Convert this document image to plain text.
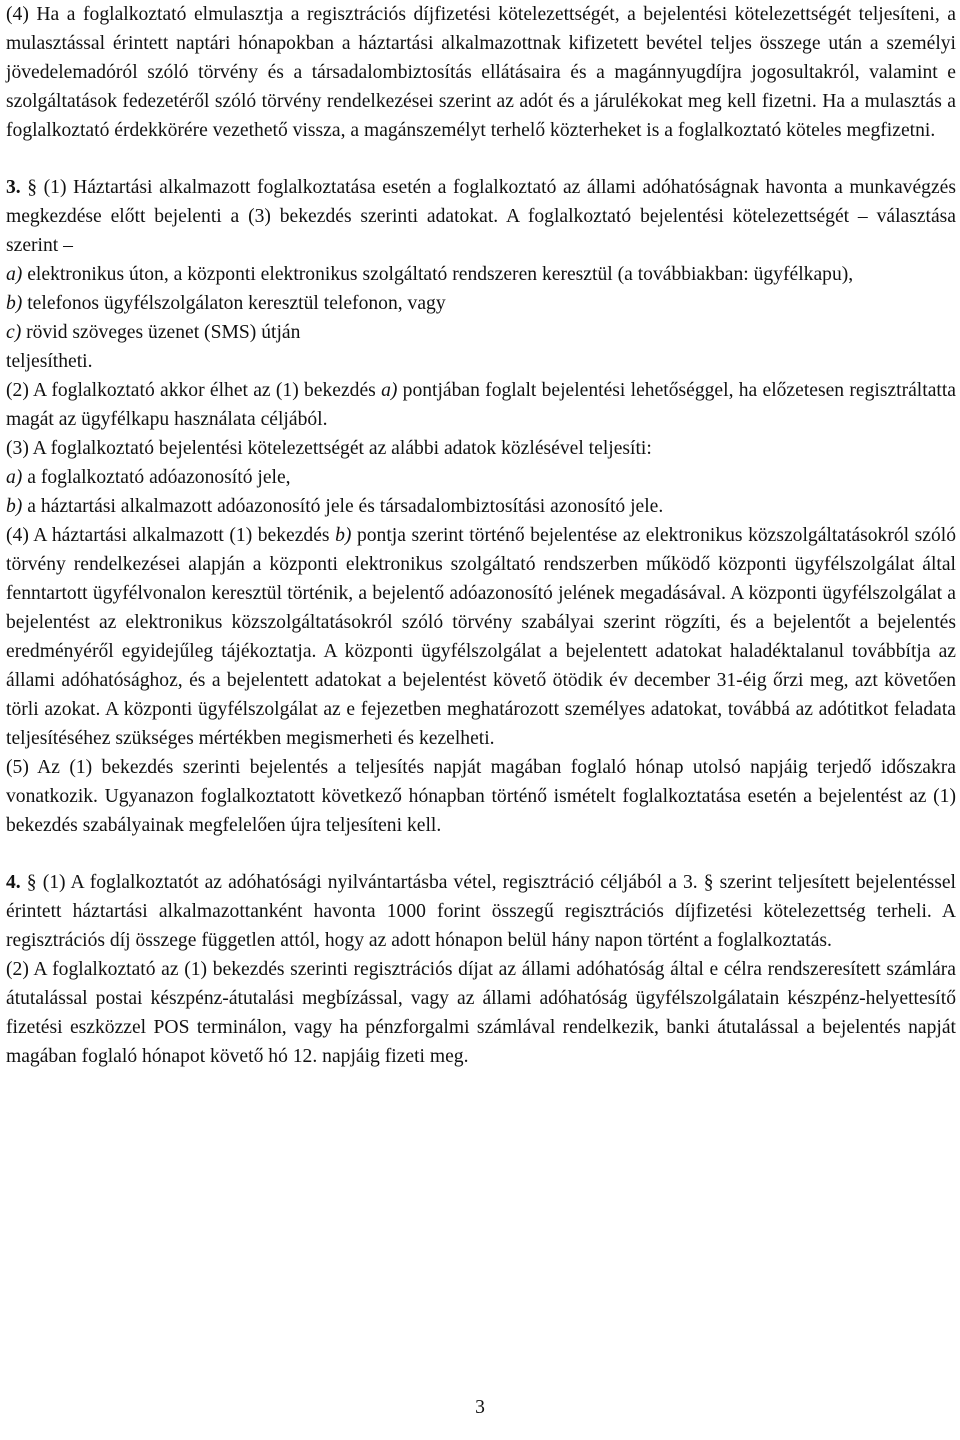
(4) Ha a foglalkoztató elmulasztja a regisztrációs díjfizetési kötelezettségét, a bejelentési kötelezettségét teljesíteni, a mulasztással érintett naptári hónapokban a háztartási alkalmazottnak kifizetett bevétel teljes összege után a személyi jövedelemadóról szóló törvény és a társadalombiztosítás ellátásaira és a magánnyugdíjra jogosultakról, valamint e szolgáltatások fedezetéről szóló törvény rendelkezései szerint az adót és a járulékokat meg kell fizetni. Ha a mulasztás a foglalkoztató érdekkörére vezethető vissza, a magánszemélyt terhelő közterheket is a foglalkoztató köteles megfizetni.

3. § (1) Háztartási alkalmazott foglalkoztatása esetén a foglalkoztató az állami adóhatóságnak havonta a munkavégzés megkezdése előtt bejelenti a (3) bekezdés szerinti adatokat. A foglalkoztató bejelentési kötelezettségét – választása szerint –

a) elektronikus úton, a központi elektronikus szolgáltató rendszeren keresztül (a továbbiakban: ügyfélkapu),

b) telefonos ügyfélszolgálaton keresztül telefonon, vagy

c) rövid szöveges üzenet (SMS) útján

teljesítheti.

(2) A foglalkoztató akkor élhet az (1) bekezdés a) pontjában foglalt bejelentési lehetőséggel, ha előzetesen regisztráltatta magát az ügyfélkapu használata céljából.

(3) A foglalkoztató bejelentési kötelezettségét az alábbi adatok közlésével teljesíti:

a) a foglalkoztató adóazonosító jele,

b) a háztartási alkalmazott adóazonosító jele és társadalombiztosítási azonosító jele.

(4) A háztartási alkalmazott (1) bekezdés b) pontja szerint történő bejelentése az elektronikus közszolgáltatásokról szóló törvény rendelkezései alapján a központi elektronikus szolgáltató rendszerben működő központi ügyfélszolgálat által fenntartott ügyfélvonalon keresztül történik, a bejelentő adóazonosító jelének megadásával. A központi ügyfélszolgálat a bejelentést az elektronikus közszolgáltatásokról szóló törvény szabályai szerint rögzíti, és a bejelentőt a bejelentés eredményéről egyidejűleg tájékoztatja. A központi ügyfélszolgálat a bejelentett adatokat haladéktalanul továbbítja az állami adóhatósághoz, és a bejelentett adatokat a bejelentést követő ötödik év december 31-éig őrzi meg, azt követően törli azokat. A központi ügyfélszolgálat az e fejezetben meghatározott személyes adatokat, továbbá az adótitkot feladata teljesítéséhez szükséges mértékben megismerheti és kezelheti.

(5) Az (1) bekezdés szerinti bejelentés a teljesítés napját magában foglaló hónap utolsó napjáig terjedő időszakra vonatkozik. Ugyanazon foglalkoztatott következő hónapban történő ismételt foglalkoztatása esetén a bejelentést az (1) bekezdés szabályainak megfelelően újra teljesíteni kell.

4. § (1) A foglalkoztatót az adóhatósági nyilvántartásba vétel, regisztráció céljából a 3. § szerint teljesített bejelentéssel érintett háztartási alkalmazottanként havonta 1000 forint összegű regisztrációs díjfizetési kötelezettség terheli. A regisztrációs díj összege független attól, hogy az adott hónapon belül hány napon történt a foglalkoztatás.

(2) A foglalkoztató az (1) bekezdés szerinti regisztrációs díjat az állami adóhatóság által e célra rendszeresített számlára átutalással postai készpénz-átutalási megbízással, vagy az állami adóhatóság ügyfélszolgálatain készpénz-helyettesítő fizetési eszközzel POS terminálon, vagy ha pénzforgalmi számlával rendelkezik, banki átutalással a bejelentés napját magában foglaló hónapot követő hó 12. napjáig fizeti meg.

3
